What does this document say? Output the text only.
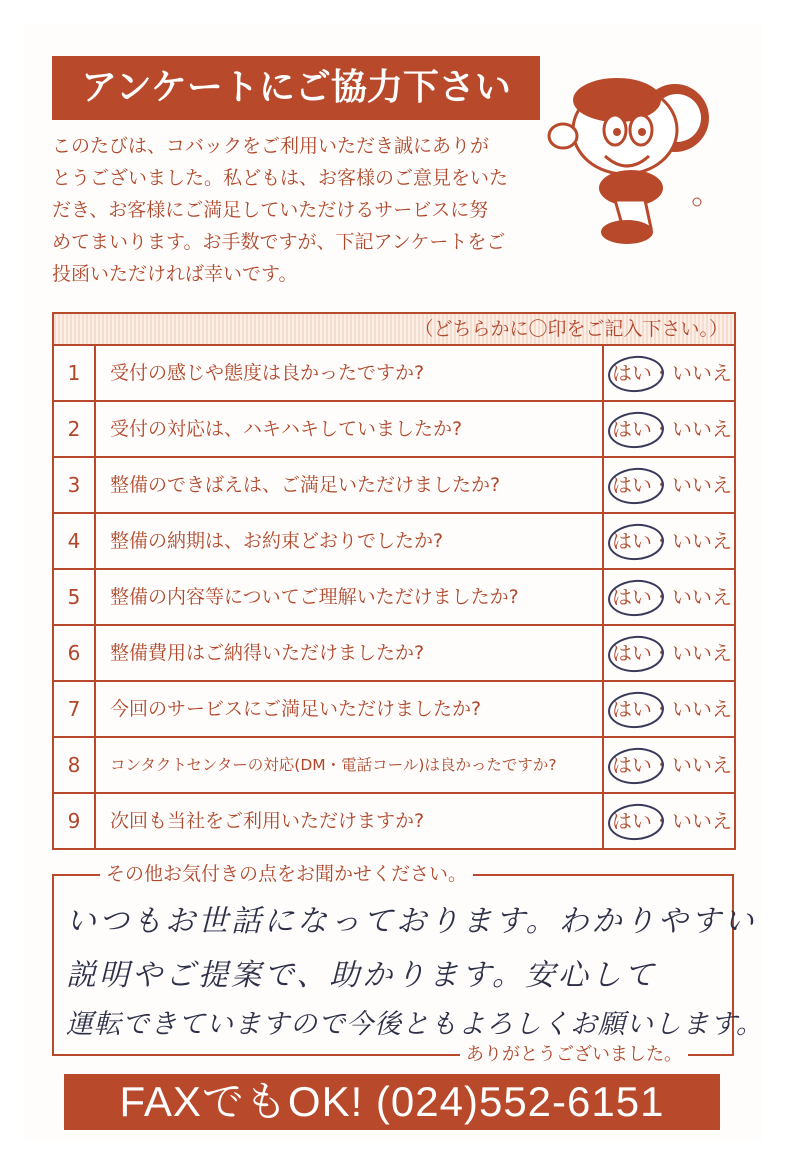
アンケートにご協力下さい
このたびは、コバックをご利用いただき誠にありが
とうございました。私どもは、お客様のご意見をいた
だき、お客様にご満足していただけるサービスに努
めてまいります。お手数ですが、下記アンケートをご
投函いただければ幸いです。
（どちらかに〇印をご記入下さい。）
1	受付の感じや態度は良かったですか?	はい・いいえ
2	受付の対応は、ハキハキしていましたか?	はい・いいえ
3	整備のできばえは、ご満足いただけましたか?	はい・いいえ
4	整備の納期は、お約束どおりでしたか?	はい・いいえ
5	整備の内容等についてご理解いただけましたか?	はい・いいえ
6	整備費用はご納得いただけましたか?	はい・いいえ
7	今回のサービスにご満足いただけましたか?	はい・いいえ
8	コンタクトセンターの対応(DM・電話コール)は良かったですか?	はい・いいえ
9	次回も当社をご利用いただけますか?	はい・いいえ
その他お気付きの点をお聞かせください。
いつもお世話になっております。わかりやすい
説明やご提案で、助かります。安心して
運転できていますので今後ともよろしくお願いします。
ありがとうございました。
FAXでもOK! (024)552-6151
